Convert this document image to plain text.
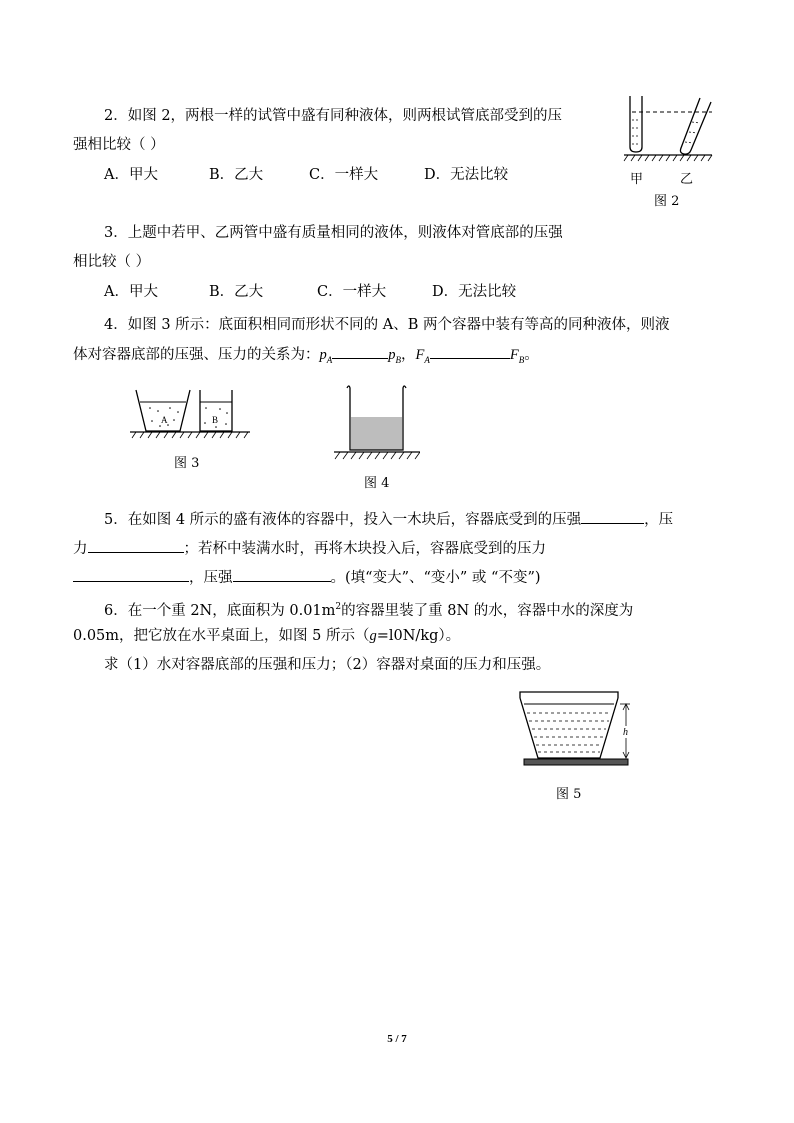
2．如图 2，两根一样的试管中盛有同种液体，则两根试管底部受到的压
强相比较（ ）
A．甲大	B．乙大	C．一样大	D．无法比较	甲	乙
图 2
3．上题中若甲、乙两管中盛有质量相同的液体，则液体对管底部的压强
相比较（ ）
A．甲大	B．乙大	C．一样大	D．无法比较
4．如图 3 所示：底面积相同而形状不同的 A、B 两个容器中装有等高的同种液体，则液
体对容器底部的压强、压力的关系为：$p_A$	$p_B$，$F_A$	$F_B$。
A	B
图 3
图 4
5．在如图 4 所示的盛有液体的容器中，投入一木块后，容器底受到的压强	，压
力	；若杯中装满水时，再将木块投入后，容器底受到的压力
，压强	。(填“变大”、“变小” 或 “不变”)
6．在一个重 2N，底面积为 $0.01m^2$的容器里装了重 8N 的水，容器中水的深度为
0.05m，把它放在水平桌面上，如图 5 所示（g=l0N/kg）。
求（1）水对容器底部的压强和压力；（2）容器对桌面的压力和压强。
h
图 5
5 / 7
